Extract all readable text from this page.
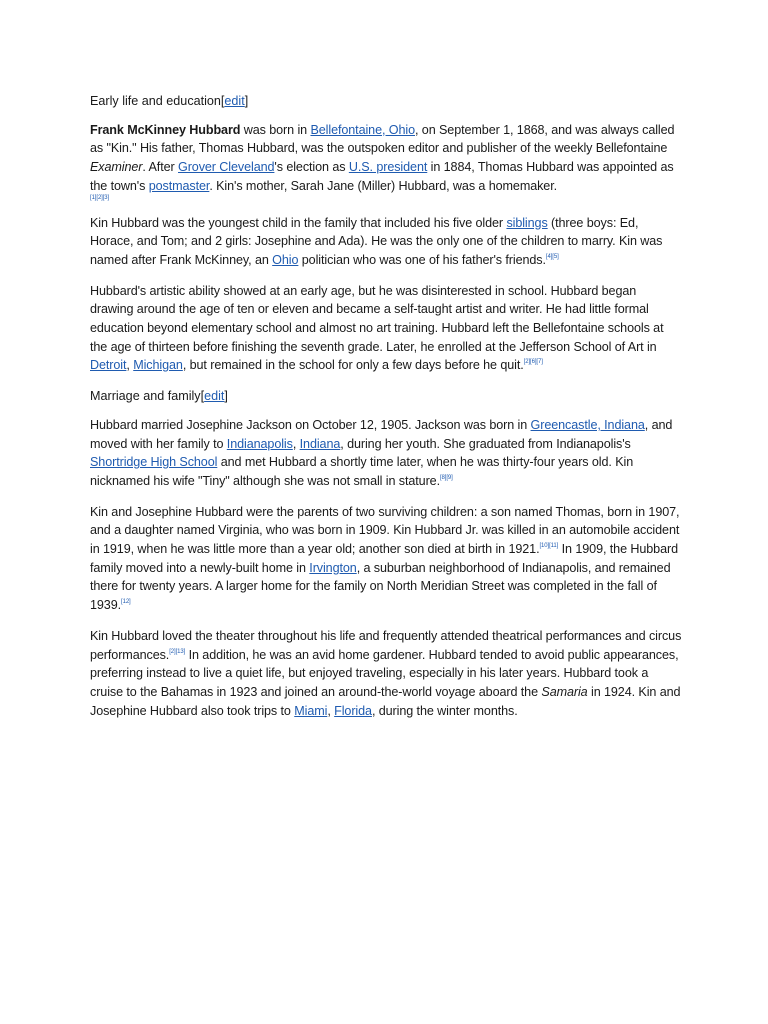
Early life and education[edit]

Frank McKinney Hubbard was born in Bellefontaine, Ohio, on September 1, 1868, and was always called as "Kin." His father, Thomas Hubbard, was the outspoken editor and publisher of the weekly Bellefontaine Examiner. After Grover Cleveland's election as U.S. president in 1884, Thomas Hubbard was appointed as the town's postmaster. Kin's mother, Sarah Jane (Miller) Hubbard, was a homemaker.
[1][2][3]

Kin Hubbard was the youngest child in the family that included his five older siblings (three boys: Ed, Horace, and Tom; and 2 girls: Josephine and Ada). He was the only one of the children to marry. Kin was named after Frank McKinney, an Ohio politician who was one of his father's friends.[4][5]

Hubbard's artistic ability showed at an early age, but he was disinterested in school. Hubbard began drawing around the age of ten or eleven and became a self-taught artist and writer. He had little formal education beyond elementary school and almost no art training. Hubbard left the Bellefontaine schools at the age of thirteen before finishing the seventh grade. Later, he enrolled at the Jefferson School of Art in Detroit, Michigan, but remained in the school for only a few days before he quit.[2][6][7]

Marriage and family[edit]

Hubbard married Josephine Jackson on October 12, 1905. Jackson was born in Greencastle, Indiana, and moved with her family to Indianapolis, Indiana, during her youth. She graduated from Indianapolis's Shortridge High School and met Hubbard a shortly time later, when he was thirty-four years old. Kin nicknamed his wife "Tiny" although she was not small in stature.[8][9]

Kin and Josephine Hubbard were the parents of two surviving children: a son named Thomas, born in 1907, and a daughter named Virginia, who was born in 1909. Kin Hubbard Jr. was killed in an automobile accident in 1919, when he was little more than a year old; another son died at birth in 1921.[10][11] In 1909, the Hubbard family moved into a newly-built home in Irvington, a suburban neighborhood of Indianapolis, and remained there for twenty years. A larger home for the family on North Meridian Street was completed in the fall of 1939.[12]

Kin Hubbard loved the theater throughout his life and frequently attended theatrical performances and circus performances.[2][13] In addition, he was an avid home gardener. Hubbard tended to avoid public appearances, preferring instead to live a quiet life, but enjoyed traveling, especially in his later years. Hubbard took a cruise to the Bahamas in 1923 and joined an around-the-world voyage aboard the Samaria in 1924. Kin and Josephine Hubbard also took trips to Miami, Florida, during the winter months.
